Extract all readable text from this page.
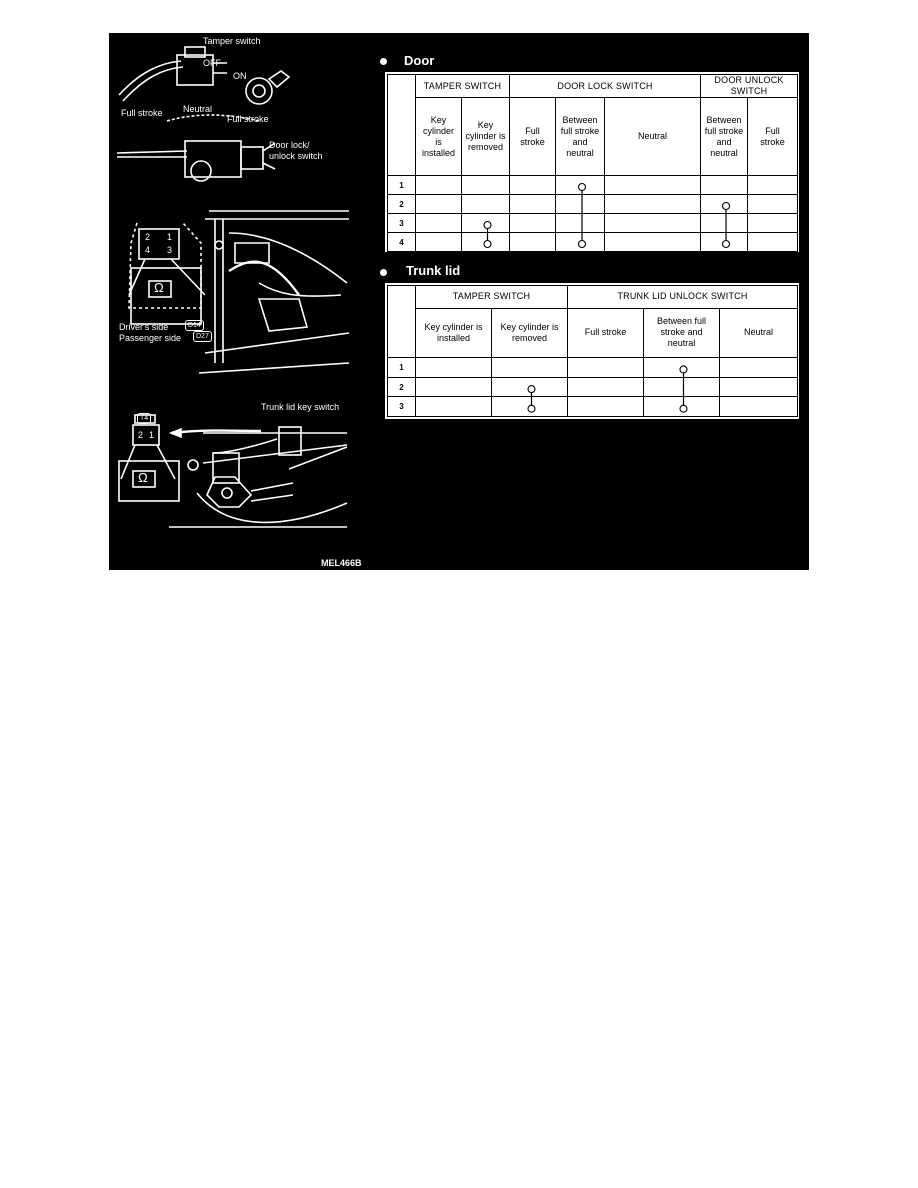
Tamper switch
OFF
ON
Full stroke Neutral
Full stroke
Door lock/
unlock switch
2 1
4 3
Ω
Driver's side	D14
Passenger side	D27
Trunk lid key switch
T4
2 1
Ω
MEL466B
Door
	TAMPER SWITCH		DOOR LOCK SWITCH			DOOR UNLOCK SWITCH	
	Key cylinder is installed	Key cylinder is removed	Full stroke	Between full stroke and neutral	Neutral	Between full stroke and neutral	Full stroke
1							
2							
3							
4							
Trunk lid
	TAMPER SWITCH		TRUNK LID UNLOCK SWITCH		
	Key cylinder is installed	Key cylinder is removed	Full stroke	Between full stroke and neutral	Neutral
1					
2					
3					
